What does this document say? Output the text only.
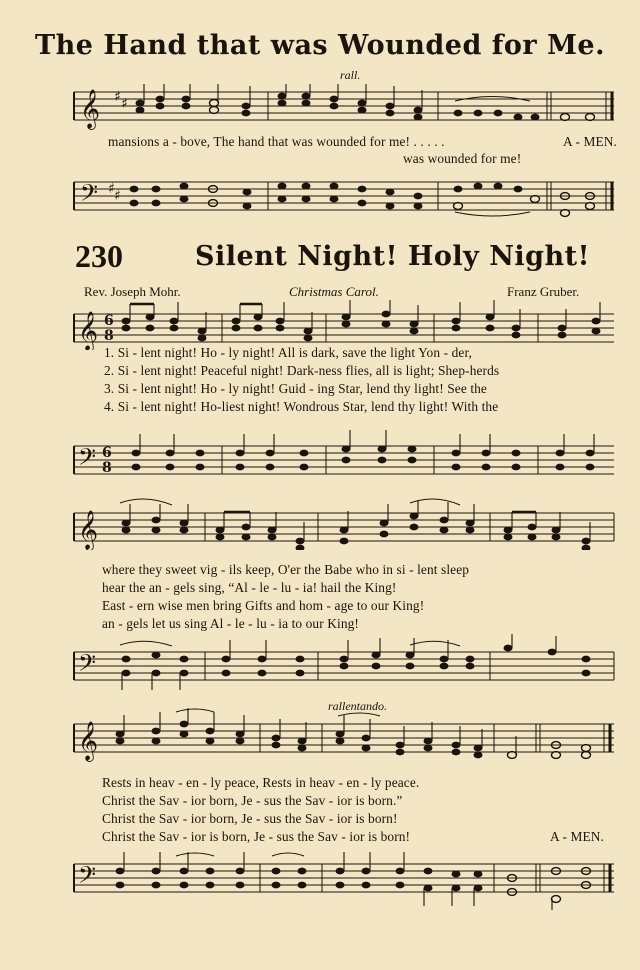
The Hand that was Wounded for Me.
rall.
𝄞 ♯ ♯
mansions a - bove, The hand that was wounded for me! . . . . .	A - MEN.
was wounded for me!
𝄢 ♯ ♯
230	Silent Night! Holy Night!
Rev. Joseph Mohr.	Christmas Carol.	Franz Gruber.
𝄞 6
8
1. Si - lent night! Ho - ly night! All is dark, save the light Yon - der,
2. Si - lent night! Peaceful night! Dark-ness flies, all is light; Shep-herds
3. Si - lent night! Ho - ly night! Guid - ing Star, lend thy light! See the
4. Si - lent night! Ho-liest night! Wondrous Star, lend thy light! With the
𝄢 6
8
𝄞
where they sweet vig - ils keep, O'er the Babe who in si - lent sleep
hear the an - gels sing, “Al - le - lu - ia! hail the King!
East - ern wise men bring Gifts and hom - age to our King!
an - gels let us sing Al - le - lu - ia to our King!
𝄢
rallentando.
𝄞
Rests in heav - en - ly peace, Rests in heav - en - ly peace.
Christ the Sav - ior born, Je - sus the Sav - ior is born.”
Christ the Sav - ior born, Je - sus the Sav - ior is born!
Christ the Sav - ior is born, Je - sus the Sav - ior is born!	A - MEN.
𝄢
